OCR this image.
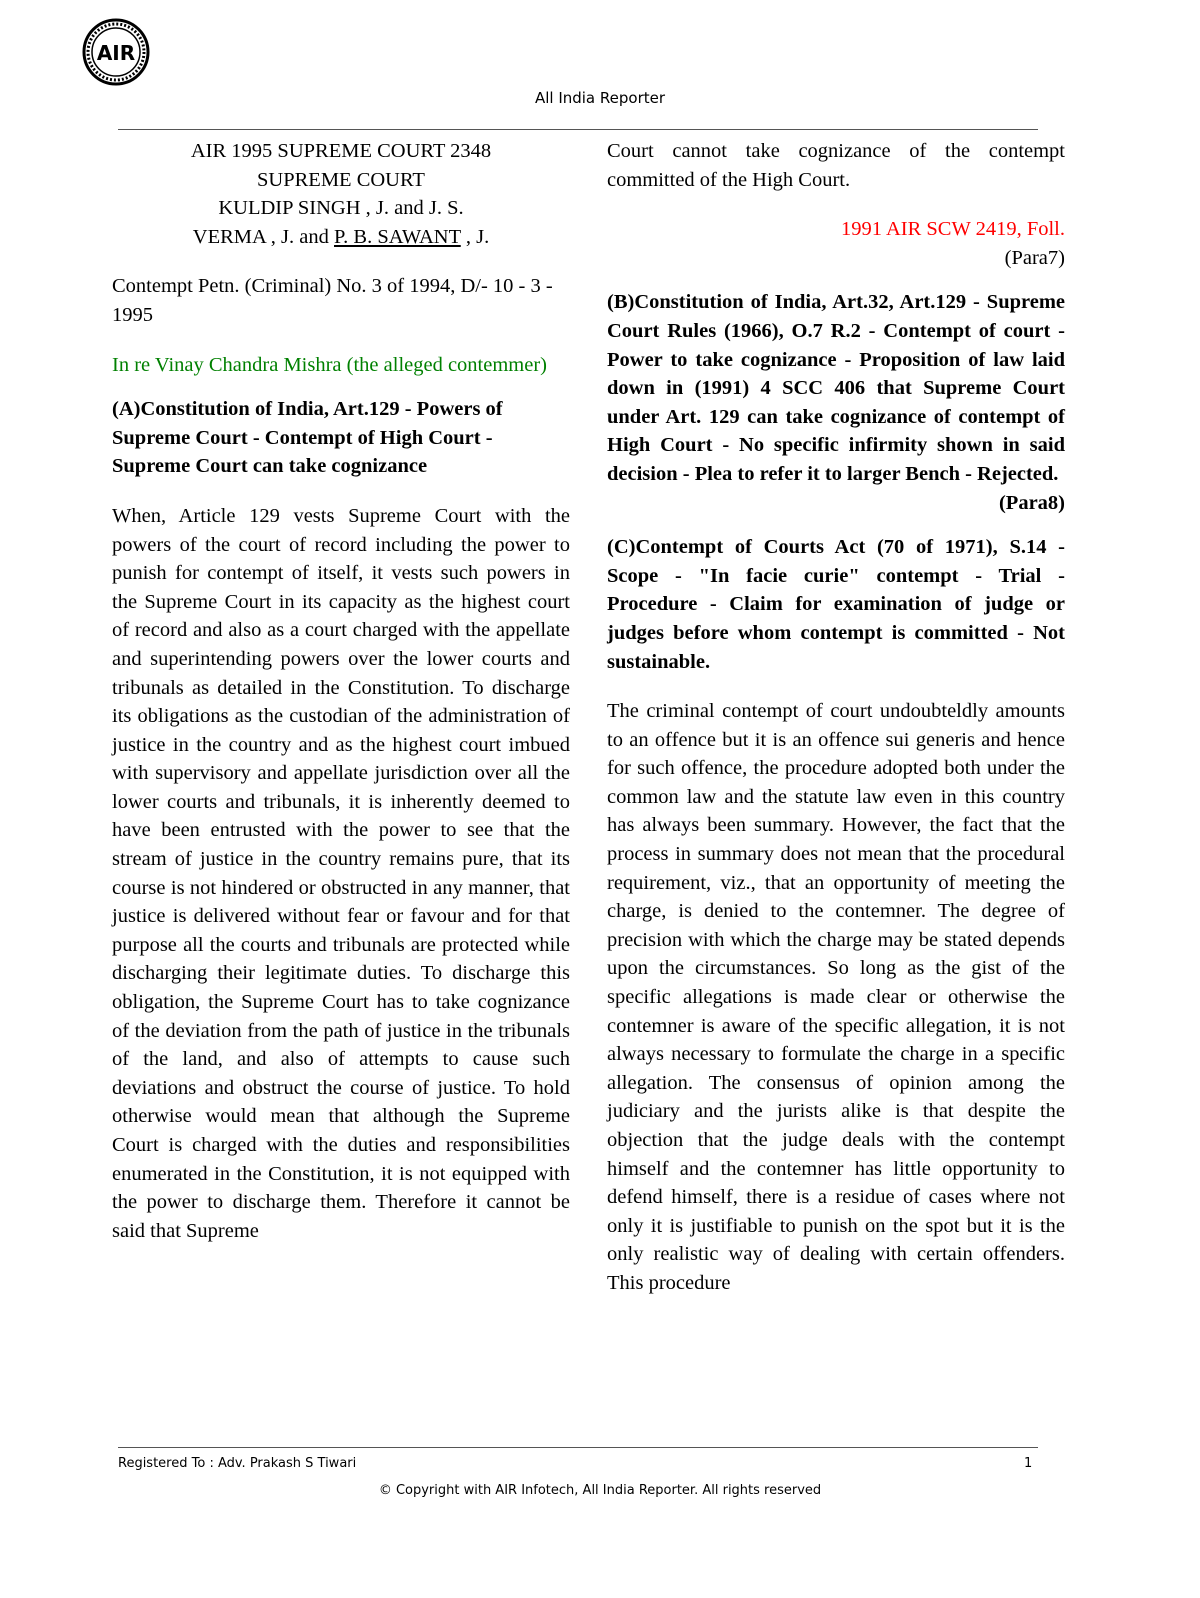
AIR
All India Reporter

AIR 1995 SUPREME COURT 2348

SUPREME COURT

KULDIP SINGH , J. and J. S.

VERMA , J. and P. B. SAWANT , J.

Contempt Petn. (Criminal) No. 3 of 1994, D/- 10 - 3 - 1995

In re Vinay Chandra Mishra (the alleged contemmer)

(A)Constitution of India, Art.129 - Powers of Supreme Court - Contempt of High Court - Supreme Court can take cognizance

When, Article 129 vests Supreme Court with the powers of the court of record including the power to punish for contempt of itself, it vests such powers in the Supreme Court in its capacity as the highest court of record and also as a court charged with the appellate and superintending powers over the lower courts and tribunals as detailed in the Constitution. To discharge its obligations as the custodian of the administration of justice in the country and as the highest court imbued with supervisory and appellate jurisdiction over all the lower courts and tribunals, it is inherently deemed to have been entrusted with the power to see that the stream of justice in the country remains pure, that its course is not hindered or obstructed in any manner, that justice is delivered without fear or favour and for that purpose all the courts and tribunals are protected while discharging their legitimate duties. To discharge this obligation, the Supreme Court has to take cognizance of the deviation from the path of justice in the tribunals of the land, and also of attempts to cause such deviations and obstruct the course of justice. To hold otherwise would mean that although the Supreme Court is charged with the duties and responsibilities enumerated in the Constitution, it is not equipped with the power to discharge them. Therefore it cannot be said that Supreme

Court cannot take cognizance of the contempt committed of the High Court.

1991 AIR SCW 2419, Foll.

(Para7)

(B)Constitution of India, Art.32, Art.129 - Supreme Court Rules (1966), O.7 R.2 - Contempt of court - Power to take cognizance - Proposition of law laid down in (1991) 4 SCC 406 that Supreme Court under Art. 129 can take cognizance of contempt of High Court - No specific infirmity shown in said decision - Plea to refer it to larger Bench - Rejected.

(Para8)

(C)Contempt of Courts Act (70 of 1971), S.14 - Scope - "In facie curie" contempt - Trial - Procedure - Claim for examination of judge or judges before whom contempt is committed - Not sustainable.

The criminal contempt of court undoubteldly amounts to an offence but it is an offence sui generis and hence for such offence, the procedure adopted both under the common law and the statute law even in this country has always been summary. However, the fact that the process in summary does not mean that the procedural requirement, viz., that an opportunity of meeting the charge, is denied to the contemner. The degree of precision with which the charge may be stated depends upon the circumstances. So long as the gist of the specific allegations is made clear or otherwise the contemner is aware of the specific allegation, it is not always necessary to formulate the charge in a specific allegation. The consensus of opinion among the judiciary and the jurists alike is that despite the objection that the judge deals with the contempt himself and the contemner has little opportunity to defend himself, there is a residue of cases where not only it is justifiable to punish on the spot but it is the only realistic way of dealing with certain offenders. This procedure

Registered To : Adv. Prakash S Tiwari	1
© Copyright with AIR Infotech, All India Reporter. All rights reserved
